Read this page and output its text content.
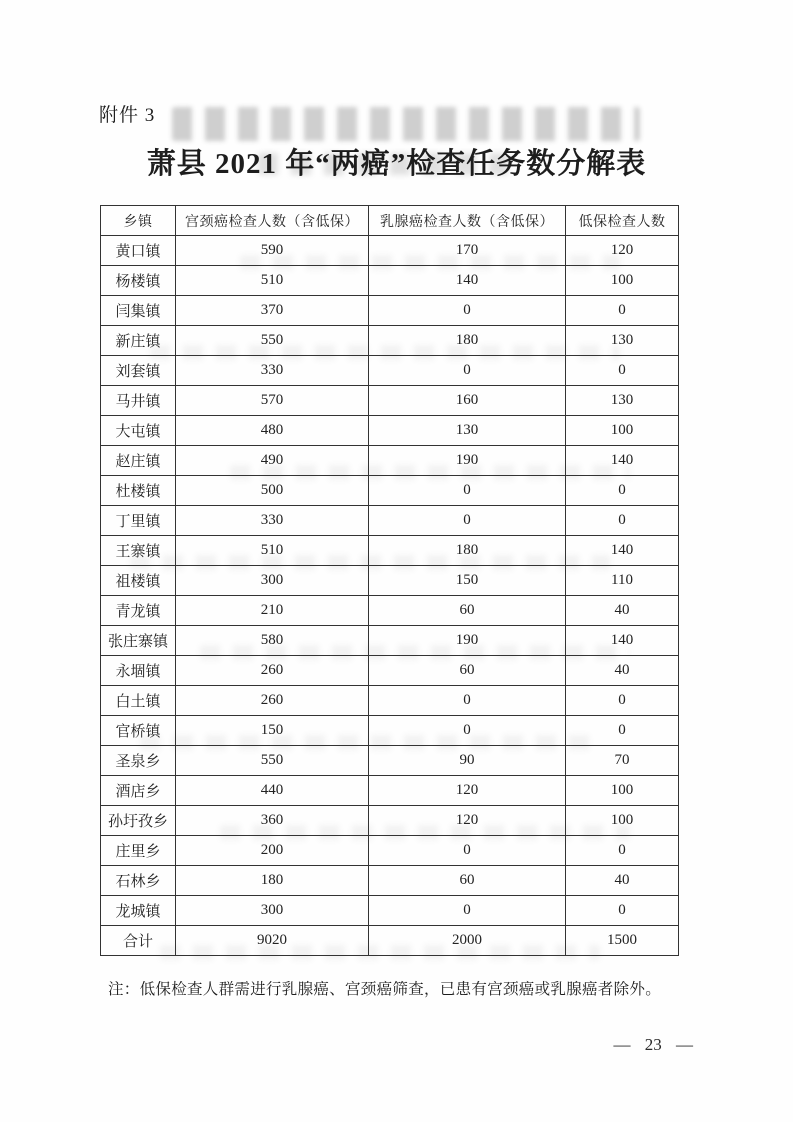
附件 3
萧县 2021 年“两癌”检查任务数分解表
乡镇	宫颈癌检查人数（含低保）	乳腺癌检查人数（含低保）	低保检查人数
黄口镇	590	170	120
杨楼镇	510	140	100
闫集镇	370	0	0
新庄镇	550	180	130
刘套镇	330	0	0
马井镇	570	160	130
大屯镇	480	130	100
赵庄镇	490	190	140
杜楼镇	500	0	0
丁里镇	330	0	0
王寨镇	510	180	140
祖楼镇	300	150	110
青龙镇	210	60	40
张庄寨镇	580	190	140
永堌镇	260	60	40
白土镇	260	0	0
官桥镇	150	0	0
圣泉乡	550	90	70
酒店乡	440	120	100
孙圩孜乡	360	120	100
庄里乡	200	0	0
石林乡	180	60	40
龙城镇	300	0	0
合计	9020	2000	1500
注：低保检查人群需进行乳腺癌、宫颈癌筛查，已患有宫颈癌或乳腺癌者除外。
— 23 —
